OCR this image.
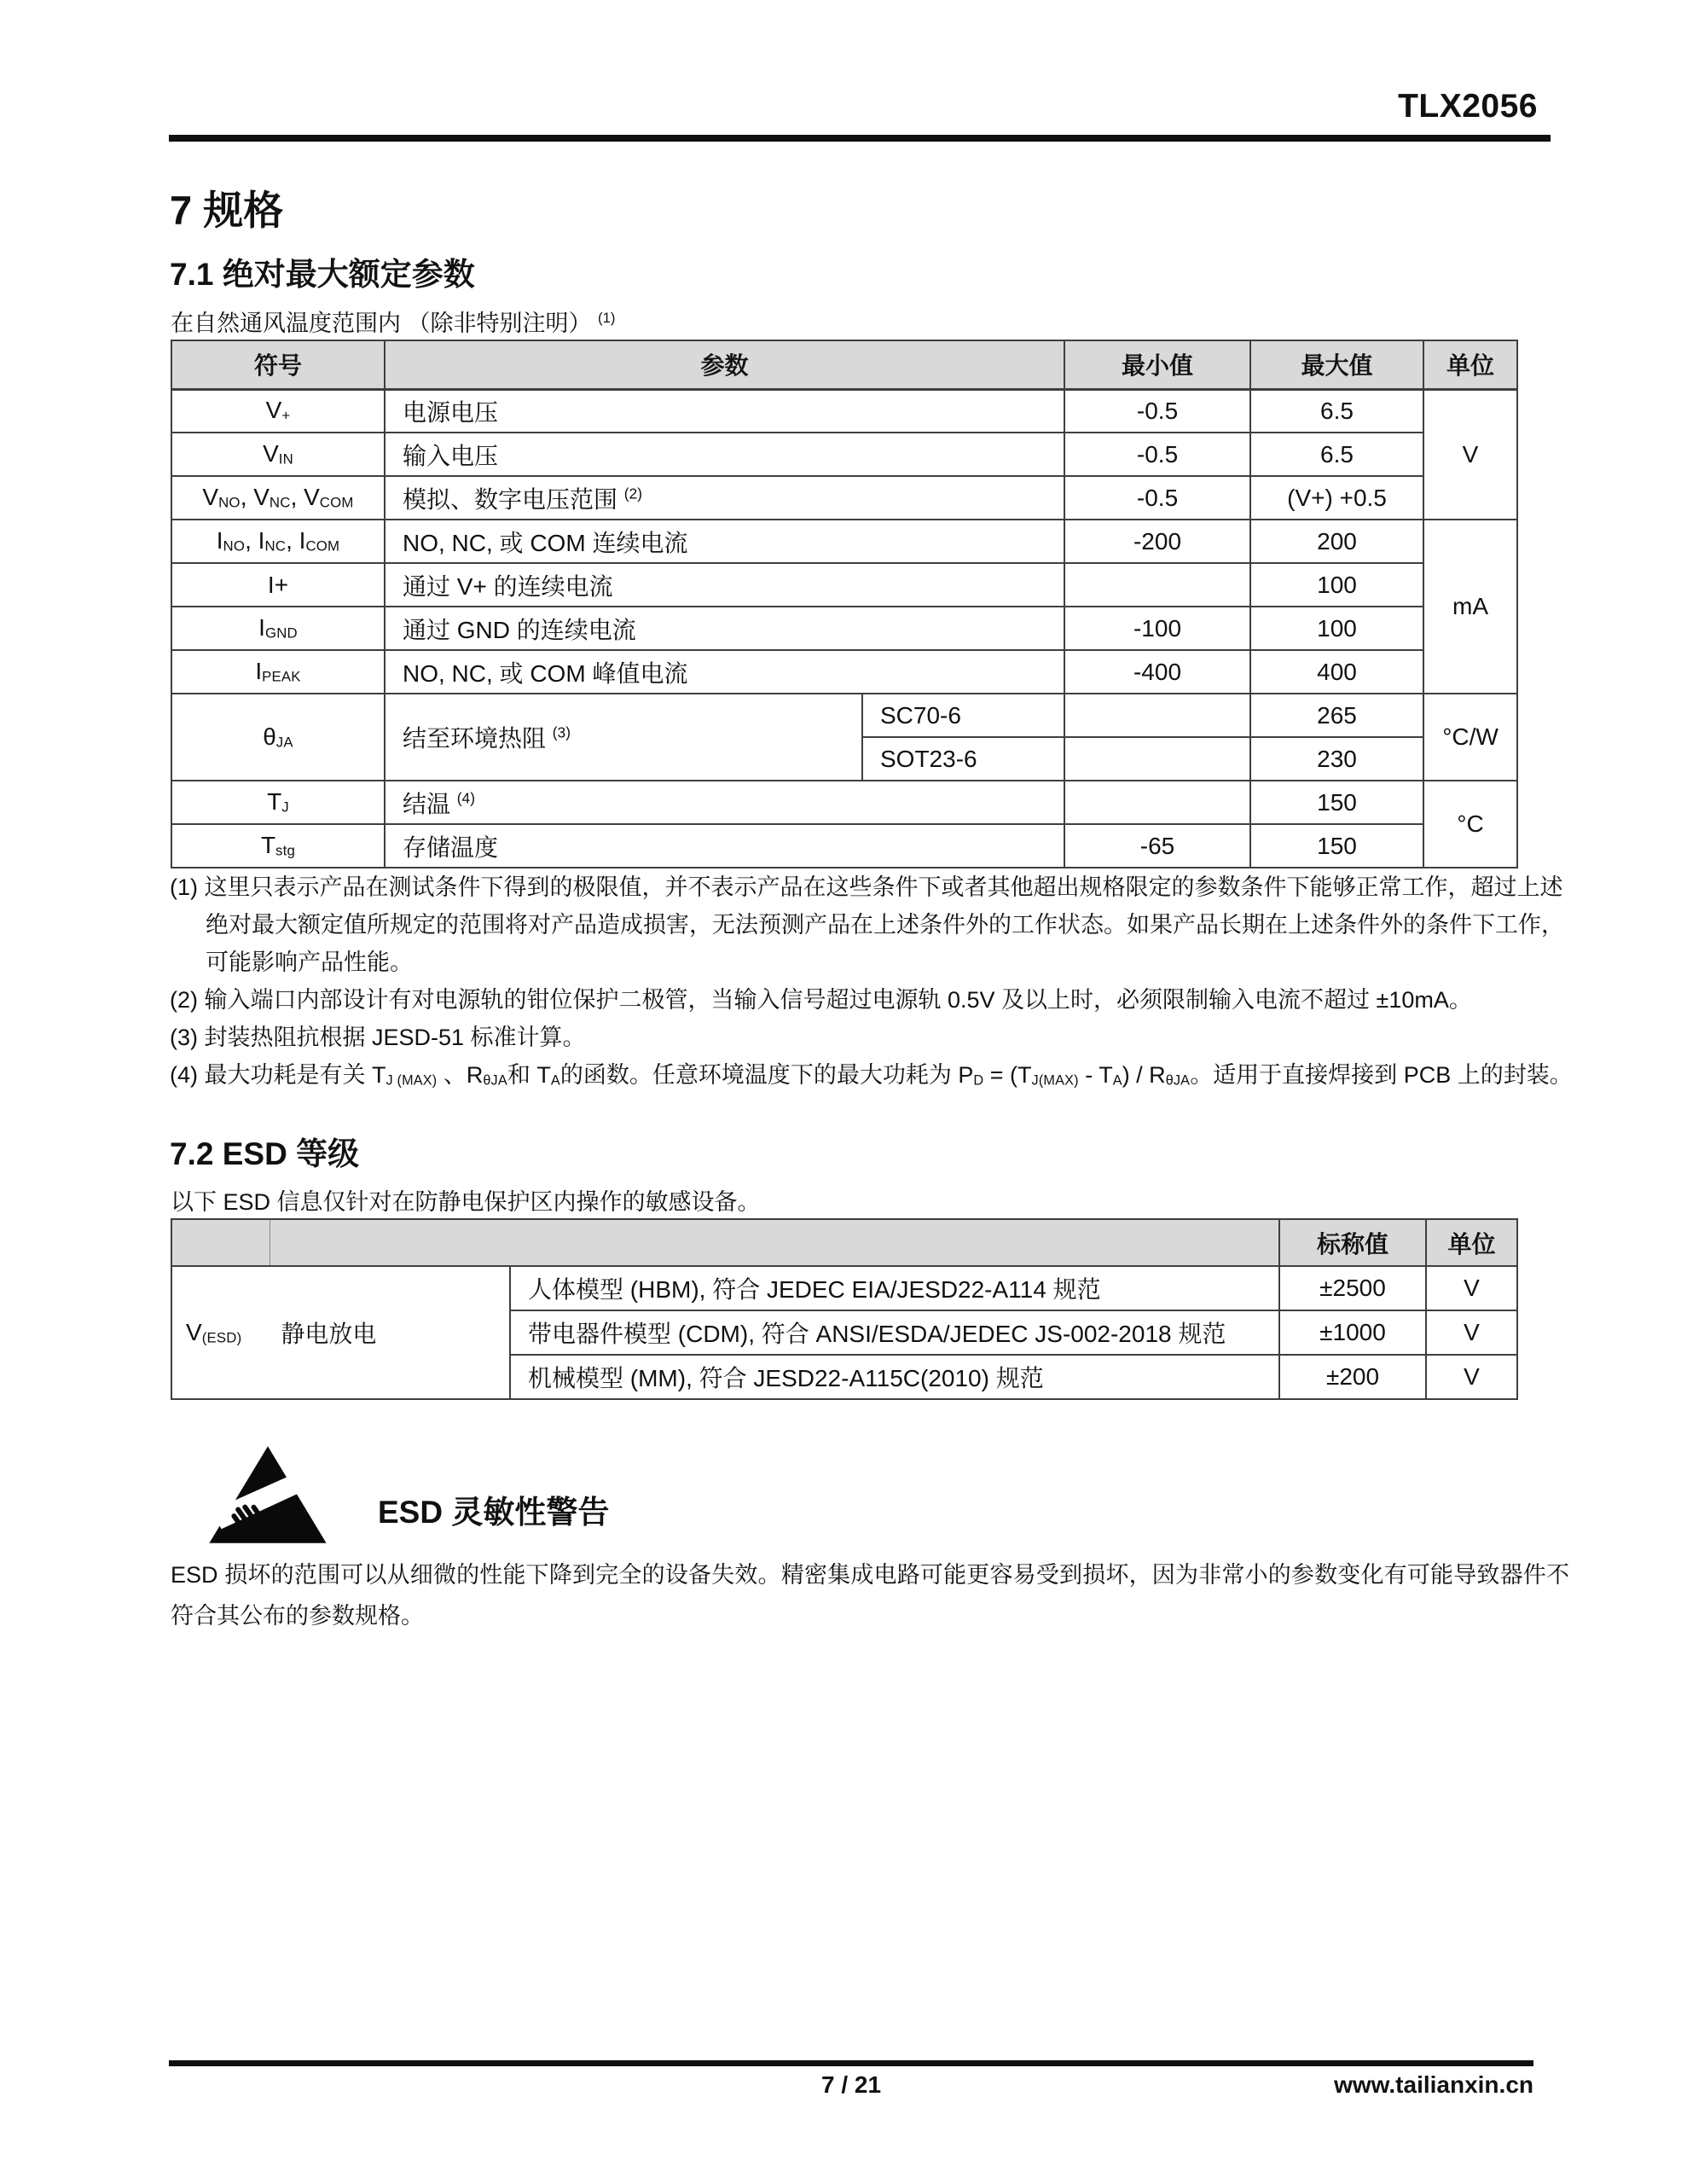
TLX2056
7 规格
7.1 绝对最大额定参数
在自然通风温度范围内 （除非特别注明） $^{(1)}$
符号	参数		最小值	最大值	单位
V+	电源电压		-0.5	6.5	V
VIN	输入电压		-0.5	6.5	
VNO, VNC, VCOM	模拟、数字电压范围 $^{(2)}$		-0.5	(V+) +0.5	
INO, INC, ICOM	NO, NC, 或 COM 连续电流		-200	200	mA
I+	通过 V+ 的连续电流			100	
IGND	通过 GND 的连续电流		-100	100	
IPEAK	NO, NC, 或 COM 峰值电流		-400	400	
θJA	结至环境热阻 $^{(3)}$	SC70-6		265	°C/W
		SOT23-6		230	
TJ	结温 $^{(4)}$			150	°C
Tstg	存储温度		-65	150	
(1) 这里只表示产品在测试条件下得到的极限值，并不表示产品在这些条件下或者其他超出规格限定的参数条件下能够正常工作，超过上述
绝对最大额定值所规定的范围将对产品造成损害，无法预测产品在上述条件外的工作状态。如果产品长期在上述条件外的条件下工作，
可能影响产品性能。
(2) 输入端口内部设计有对电源轨的钳位保护二极管，当输入信号超过电源轨 0.5V 及以上时，必须限制输入电流不超过 ±10mA。
(3) 封装热阻抗根据 JESD-51 标准计算。
(4) 最大功耗是有关 TJ (MAX) 、RθJA和 TA的函数。任意环境温度下的最大功耗为 PD = (TJ(MAX) - TA) / RθJA。适用于直接焊接到 PCB 上的封装。
7.2 ESD 等级
以下 ESD 信息仅针对在防静电保护区内操作的敏感设备。
			标称值	单位

V(ESD) 静电放电		人体模型 (HBM), 符合 JEDEC EIA/JESD22-A114 规范	±2500	V
		带电器件模型 (CDM), 符合 ANSI/ESDA/JEDEC JS-002-2018 规范	±1000	V
		机械模型 (MM), 符合 JESD22-A115C(2010) 规范	±200	V
ESD 灵敏性警告
ESD 损坏的范围可以从细微的性能下降到完全的设备失效。精密集成电路可能更容易受到损坏，因为非常小的参数变化有可能导致器件不符合其公布的参数规格。
7 / 21	www.tailianxin.cn
